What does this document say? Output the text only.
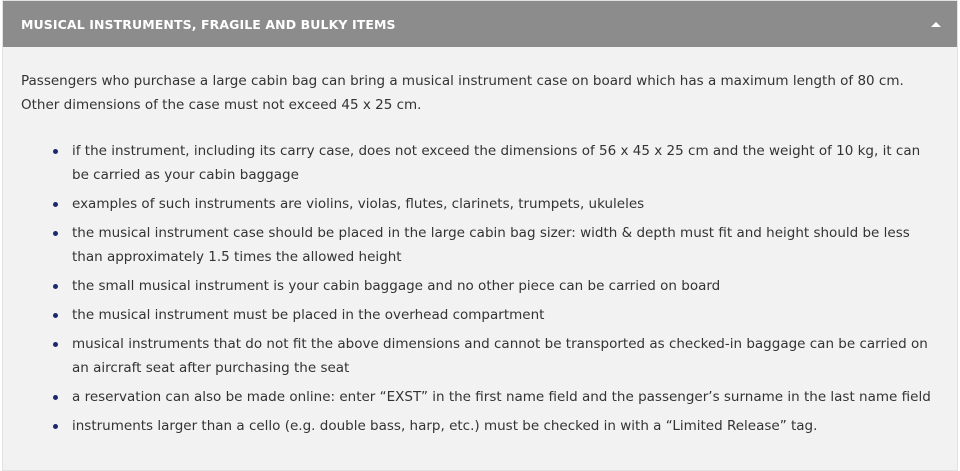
MUSICAL INSTRUMENTS, FRAGILE AND BULKY ITEMS

Passengers who purchase a large cabin bag can bring a musical instrument case on board which has a maximum length of 80 cm. Other dimensions of the case must not exceed 45 x 25 cm.

if the instrument, including its carry case, does not exceed the dimensions of 56 x 45 x 25 cm and the weight of 10 kg, it can be carried as your cabin baggage
examples of such instruments are violins, violas, flutes, clarinets, trumpets, ukuleles
the musical instrument case should be placed in the large cabin bag sizer: width & depth must fit and height should be less than approximately 1.5 times the allowed height
the small musical instrument is your cabin baggage and no other piece can be carried on board
the musical instrument must be placed in the overhead compartment
musical instruments that do not fit the above dimensions and cannot be transported as checked-in baggage can be carried on an aircraft seat after purchasing the seat
a reservation can also be made online: enter “EXST” in the first name field and the passenger’s surname in the last name field
instruments larger than a cello (e.g. double bass, harp, etc.) must be checked in with a “Limited Release” tag.
